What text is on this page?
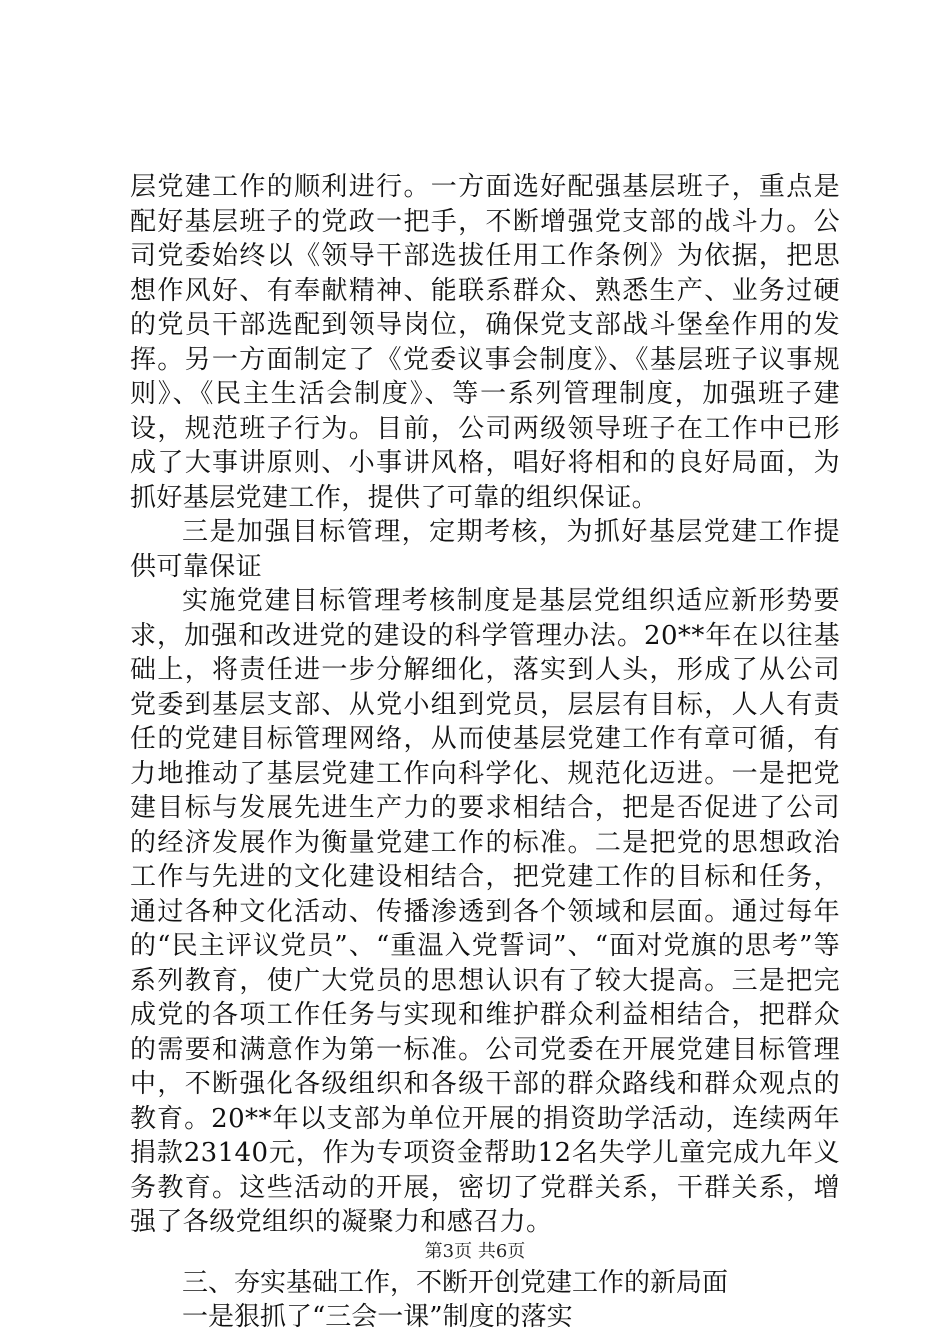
层党建工作的顺利进行。一方面选好配强基层班子，重点是配好基层班子的党政一把手，不断增强党支部的战斗力。公司党委始终以《领导干部选拔任用工作条例》为依据，把思想作风好、有奉献精神、能联系群众、熟悉生产、业务过硬的党员干部选配到领导岗位，确保党支部战斗堡垒作用的发挥。另一方面制定了《党委议事会制度》、《基层班子议事规则》、《民主生活会制度》、等一系列管理制度，加强班子建设，规范班子行为。目前，公司两级领导班子在工作中已形成了大事讲原则、小事讲风格，唱好将相和的良好局面，为抓好基层党建工作，提供了可靠的组织保证。

三是加强目标管理，定期考核，为抓好基层党建工作提供可靠保证

实施党建目标管理考核制度是基层党组织适应新形势要求，加强和改进党的建设的科学管理办法。20**年在以往基础上，将责任进一步分解细化，落实到人头，形成了从公司党委到基层支部、从党小组到党员，层层有目标，人人有责任的党建目标管理网络，从而使基层党建工作有章可循，有力地推动了基层党建工作向科学化、规范化迈进。一是把党建目标与发展先进生产力的要求相结合，把是否促进了公司的经济发展作为衡量党建工作的标准。二是把党的思想政治工作与先进的文化建设相结合，把党建工作的目标和任务，通过各种文化活动、传播渗透到各个领域和层面。通过每年的“民主评议党员”、“重温入党誓词”、“面对党旗的思考”等系列教育，使广大党员的思想认识有了较大提高。三是把完成党的各项工作任务与实现和维护群众利益相结合，把群众的需要和满意作为第一标准。公司党委在开展党建目标管理中，不断强化各级组织和各级干部的群众路线和群众观点的教育。20**年以支部为单位开展的捐资助学活动，连续两年捐款23140元，作为专项资金帮助12名失学儿童完成九年义务教育。这些活动的开展，密切了党群关系，干群关系，增强了各级党组织的凝聚力和感召力。

三、夯实基础工作，不断开创党建工作的新局面

一是狠抓了“三会一课”制度的落实

第3页 共6页
